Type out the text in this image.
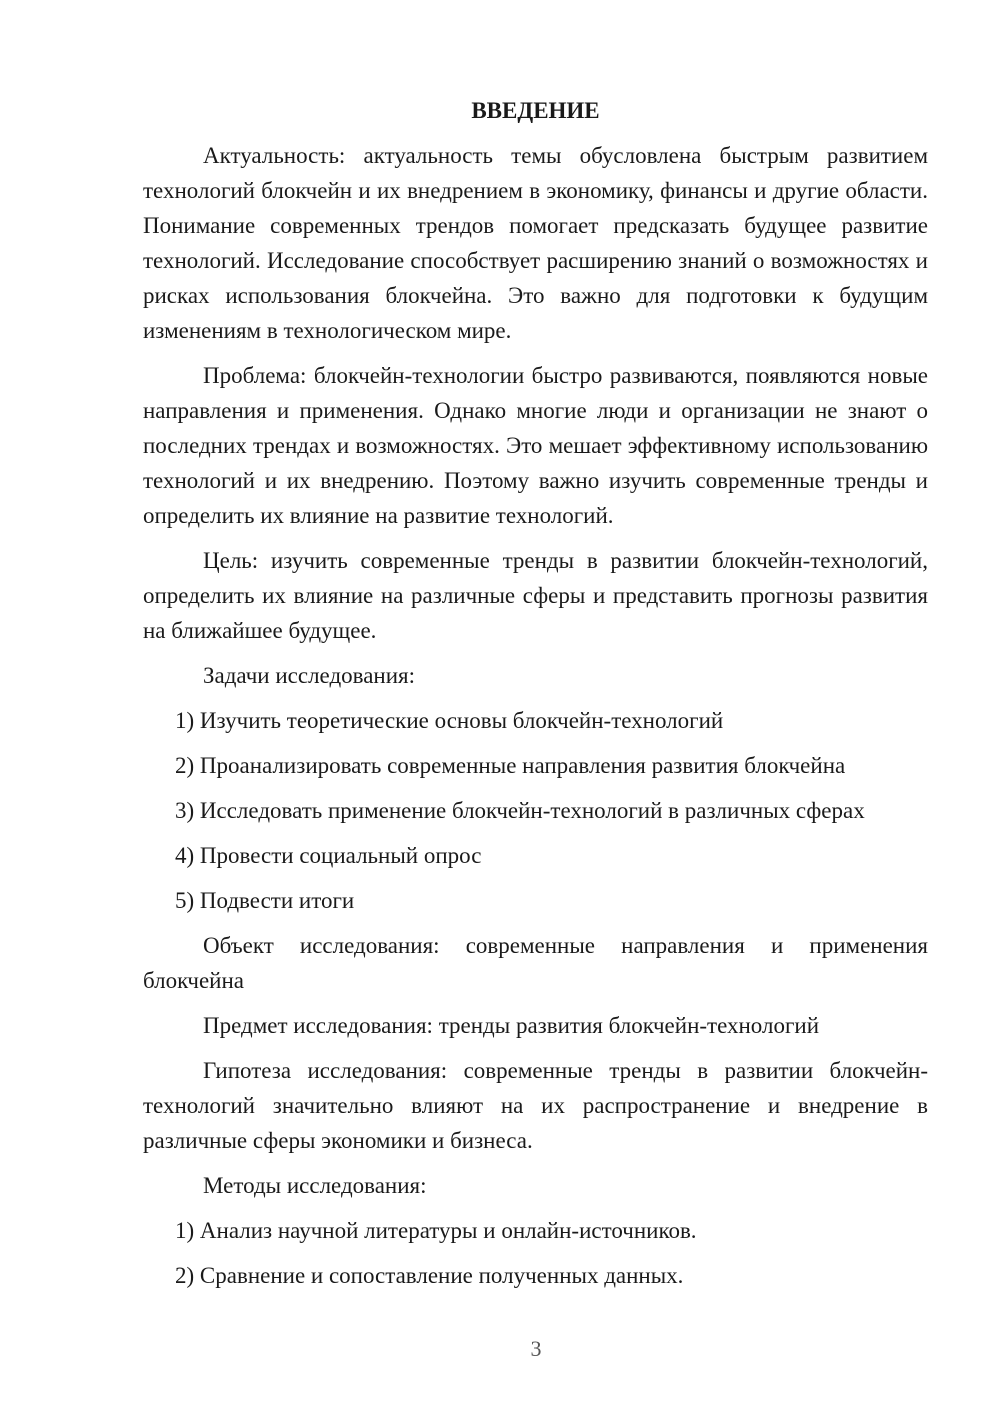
ВВЕДЕНИЕ

Актуальность: актуальность темы обусловлена быстрым развитием технологий блокчейн и их внедрением в экономику, финансы и другие области. Понимание современных трендов помогает предсказать будущее развитие технологий. Исследование способствует расширению знаний о возможностях и рисках использования блокчейна. Это важно для подготовки к будущим изменениям в технологическом мире.

Проблема: блокчейн-технологии быстро развиваются, появляются новые направления и применения. Однако многие люди и организации не знают о последних трендах и возможностях. Это мешает эффективному использованию технологий и их внедрению. Поэтому важно изучить современные тренды и определить их влияние на развитие технологий.

Цель: изучить современные тренды в развитии блокчейн-технологий, определить их влияние на различные сферы и представить прогнозы развития на ближайшее будущее.

Задачи исследования:

1) Изучить теоретические основы блокчейн-технологий

2) Проанализировать современные направления развития блокчейна

3) Исследовать применение блокчейн-технологий в различных сферах

4) Провести социальный опрос

5) Подвести итоги

Объект исследования: современные направления и применения блокчейна

Предмет исследования: тренды развития блокчейн-технологий

Гипотеза исследования: современные тренды в развитии блокчейн-технологий значительно влияют на их распространение и внедрение в различные сферы экономики и бизнеса.

Методы исследования:

1) Анализ научной литературы и онлайн-источников.

2) Сравнение и сопоставление полученных данных.

3
